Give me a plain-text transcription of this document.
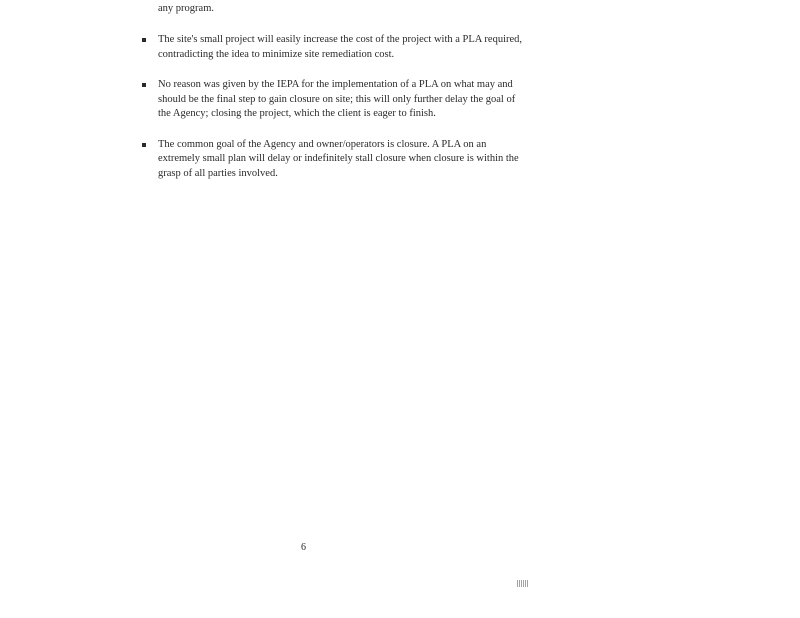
any program.
The site's small project will easily increase the cost of the project with a PLA required, contradicting the idea to minimize site remediation cost.
No reason was given by the IEPA for the implementation of a PLA on what may and should be the final step to gain closure on site; this will only further delay the goal of the Agency; closing the project, which the client is eager to finish.
The common goal of the Agency and owner/operators is closure. A PLA on an extremely small plan will delay or indefinitely stall closure when closure is within the grasp of all parties involved.
6
